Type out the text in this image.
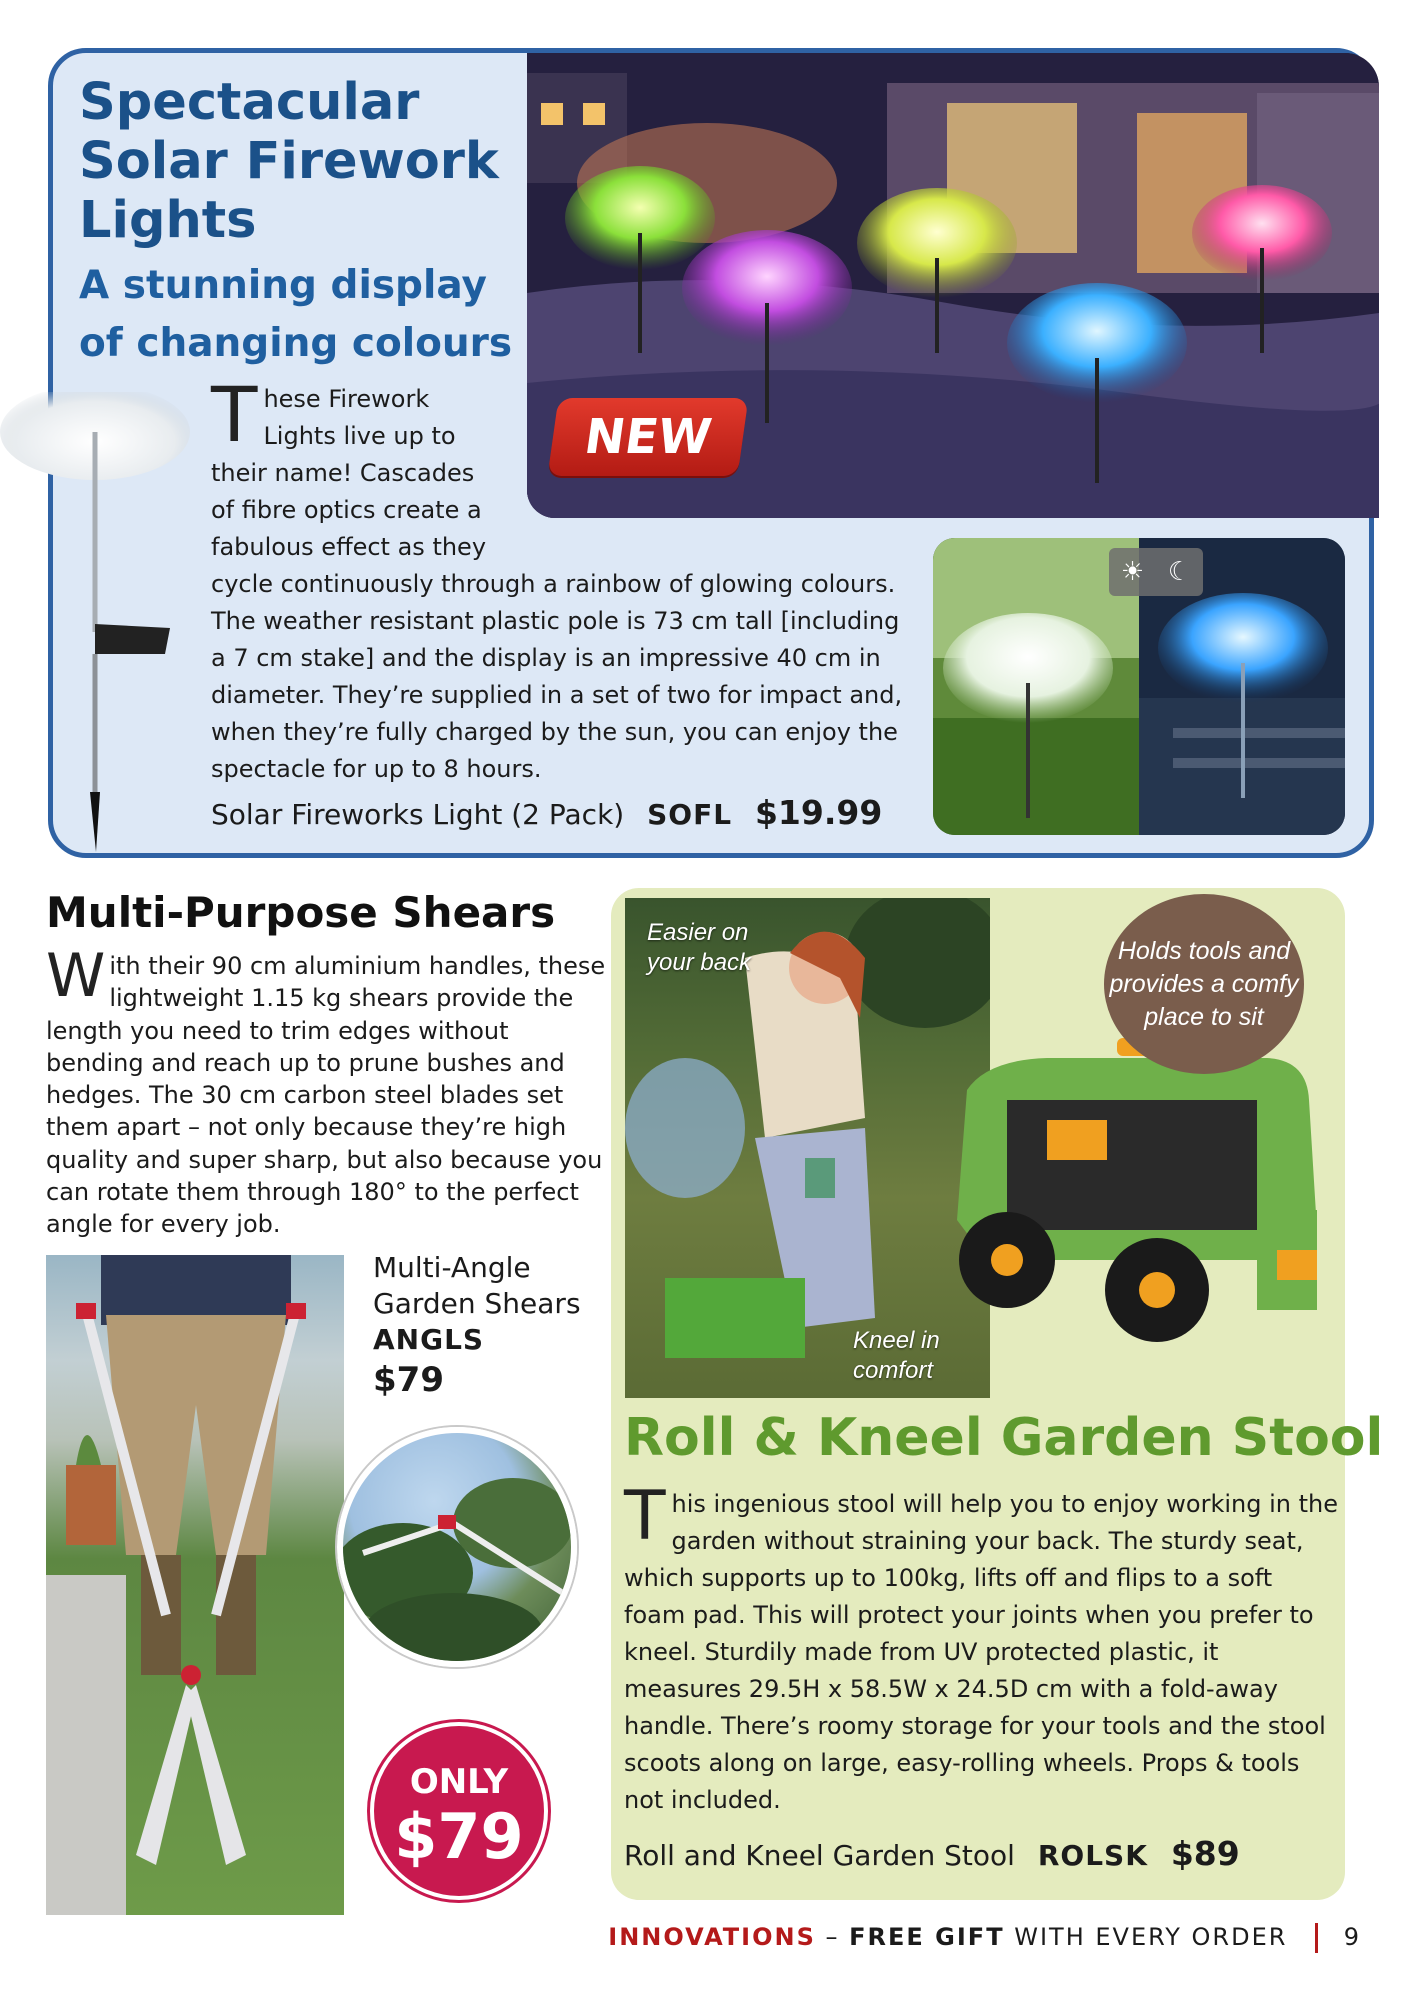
Spectacular Solar Firework Lights
A stunning display of changing colours
NEW
☀ ☾
T hese Firework
Lights live up to
their name! Cascades
of fibre optics create a
fabulous effect as they
cycle continuously through a rainbow of glowing colours. The weather resistant plastic pole is 73 cm tall [including a 7 cm stake] and the display is an impressive 40 cm in diameter. They’re supplied in a set of two for impact and, when they’re fully charged by the sun, you can enjoy the spectacle for up to 8 hours.
Solar Fireworks Light (2 Pack) SOFL $19.99
Multi-Purpose Shears
W ith their 90 cm aluminium handles, these lightweight 1.15 kg shears provide the length you need to trim edges without bending and reach up to prune bushes and hedges. The 30 cm carbon steel blades set them apart – not only because they’re high quality and super sharp, but also because you can rotate them through 180° to the perfect angle for every job.
Multi-Angle
Garden Shears
ANGLS
$79
ONLY
$79
Easier on your back
Kneel in comfort
Holds tools and provides a comfy place to sit
Roll & Kneel Garden Stool
T his ingenious stool will help you to enjoy working in the garden without straining your back. The sturdy seat, which supports up to 100kg, lifts off and flips to a soft foam pad. This will protect your joints when you prefer to kneel. Sturdily made from UV protected plastic, it measures 29.5H x 58.5W x 24.5D cm with a fold-away handle. There’s roomy storage for your tools and the stool scoots along on large, easy-rolling wheels. Props & tools not included.
Roll and Kneel Garden Stool ROLSK $89
INNOVATIONS – FREE GIFT WITH EVERY ORDER 9
